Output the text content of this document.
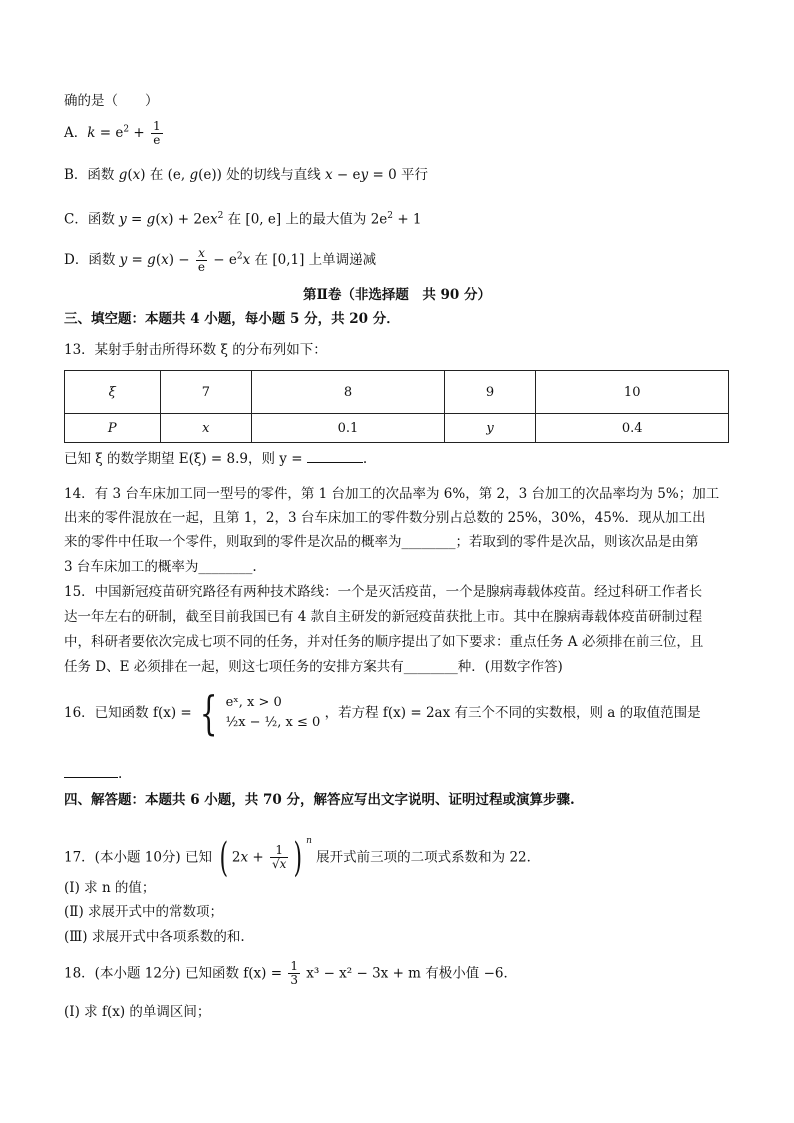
确的是（　　）
A．$k = e^2 + \frac{1}{e}$
B．函数 g(x) 在 (e, g(e)) 处的切线与直线 x − ey = 0 平行
C．函数 $y = g(x) + 2ex^2$ 在 [0, e] 上的最大值为 $2e^2 + 1$
D．函数 $y = g(x) - \frac{x}{e} - e^2x$ 在 [0,1] 上单调递减
第Ⅱ卷（非选择题　共 90 分）
三、填空题：本题共 4 小题，每小题 5 分，共 20 分．
13．某射手射击所得环数 ξ 的分布列如下：
ξ	7	8	9	10
P	x	0.1	y	0.4
已知 ξ 的数学期望 E(ξ) = 8.9，则 y =	.
14．有 3 台车床加工同一型号的零件，第 1 台加工的次品率为 6%，第 2，3 台加工的次品率均为 5%；加工
出来的零件混放在一起，且第 1，2，3 台车床加工的零件数分别占总数的 25%，30%，45%．现从加工出
来的零件中任取一个零件，则取到的零件是次品的概率为________；若取到的零件是次品，则该次品是由第
3 台车床加工的概率为________.
15．中国新冠疫苗研究路径有两种技术路线：一个是灭活疫苗，一个是腺病毒载体疫苗。经过科研工作者长
达一年左右的研制，截至目前我国已有 4 款自主研发的新冠疫苗获批上市。其中在腺病毒载体疫苗研制过程
中，科研者要依次完成七项不同的任务，并对任务的顺序提出了如下要求：重点任务 A 必须排在前三位，且
任务 D、E 必须排在一起，则这七项任务的安排方案共有________种．(用数字作答)
16．已知函数 f(x) = { eˣ, x > 0
½x − ½, x ≤ 0
，若方程 f(x) = 2ax 有三个不同的实数根，则 a 的取值范围是
.
四、解答题：本题共 6 小题，共 70 分，解答应写出文字说明、证明过程或演算步骤.
17．(本小题 10分) 已知 ( $2x + \frac{1}{√x}$ ) $^n$ 展开式前三项的二项式系数和为 22．
(Ⅰ) 求 n 的值；
(Ⅱ) 求展开式中的常数项；
(Ⅲ) 求展开式中各项系数的和.
18．(本小题 12分) 已知函数 $f(x) = \frac{1}{3} x^3 - x^2 - 3x + m$ 有极小值 −6．
(Ⅰ) 求 f(x) 的单调区间；
